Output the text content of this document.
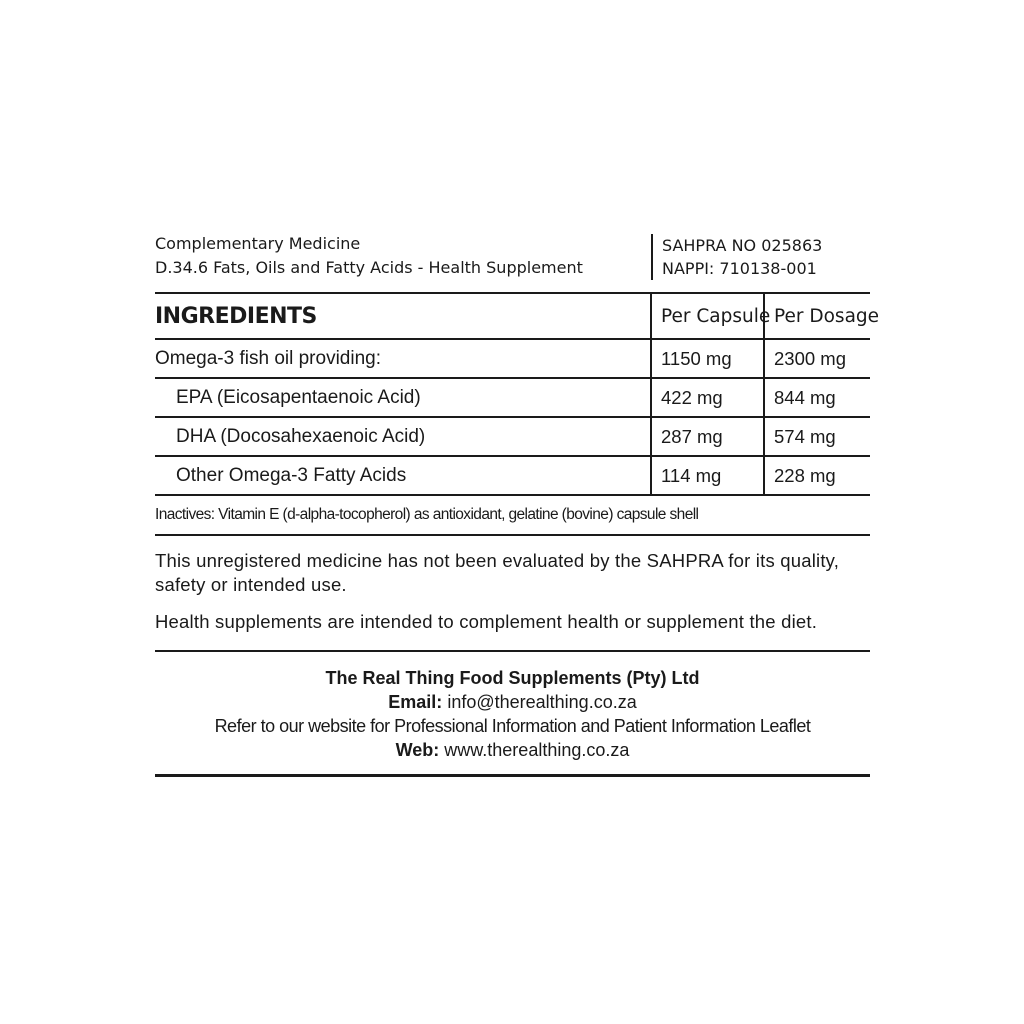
Complementary Medicine
D.34.6 Fats, Oils and Fatty Acids - Health Supplement
SAHPRA NO 025863
NAPPI: 710138-001
INGREDIENTS	Per Capsule	Per Dosage
Omega-3 fish oil providing:	1150 mg	2300 mg
EPA (Eicosapentaenoic Acid)	422 mg	844 mg
DHA (Docosahexaenoic Acid)	287 mg	574 mg
Other Omega-3 Fatty Acids	114 mg	228 mg
Inactives: Vitamin E (d-alpha-tocopherol) as antioxidant, gelatine (bovine) capsule shell

This unregistered medicine has not been evaluated by the SAHPRA for its quality, safety or intended use.

Health supplements are intended to complement health or supplement the diet.

The Real Thing Food Supplements (Pty) Ltd
Email: info@therealthing.co.za
Refer to our website for Professional Information and Patient Information Leaflet
Web: www.therealthing.co.za
